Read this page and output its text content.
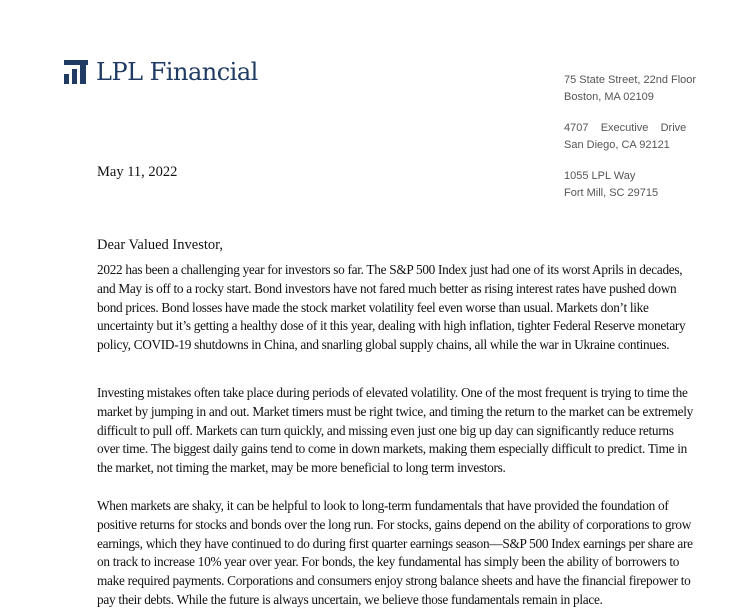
LPL Financial	75 State Street, 22nd Floor
Boston, MA 02109
4707    Executive    Drive
San Diego, CA 92121
1055 LPL Way
Fort Mill, SC 29715
May 11, 2022
Dear Valued Investor,
2022 has been a challenging year for investors so far. The S&P 500 Index just had one of its worst Aprils in decades,
and May is off to a rocky start. Bond investors have not fared much better as rising interest rates have pushed down
bond prices. Bond losses have made the stock market volatility feel even worse than usual. Markets don’t like
uncertainty but it’s getting a healthy dose of it this year, dealing with high inflation, tighter Federal Reserve monetary
policy, COVID-19 shutdowns in China, and snarling global supply chains, all while the war in Ukraine continues.
Investing mistakes often take place during periods of elevated volatility. One of the most frequent is trying to time the
market by jumping in and out. Market timers must be right twice, and timing the return to the market can be extremely
difficult to pull off. Markets can turn quickly, and missing even just one big up day can significantly reduce returns
over time. The biggest daily gains tend to come in down markets, making them especially difficult to predict. Time in
the market, not timing the market, may be more beneficial to long term investors.
When markets are shaky, it can be helpful to look to long-term fundamentals that have provided the foundation of
positive returns for stocks and bonds over the long run. For stocks, gains depend on the ability of corporations to grow
earnings, which they have continued to do during first quarter earnings season—S&P 500 Index earnings per share are
on track to increase 10% year over year. For bonds, the key fundamental has simply been the ability of borrowers to
make required payments. Corporations and consumers enjoy strong balance sheets and have the financial firepower to
pay their debts. While the future is always uncertain, we believe those fundamentals remain in place.
